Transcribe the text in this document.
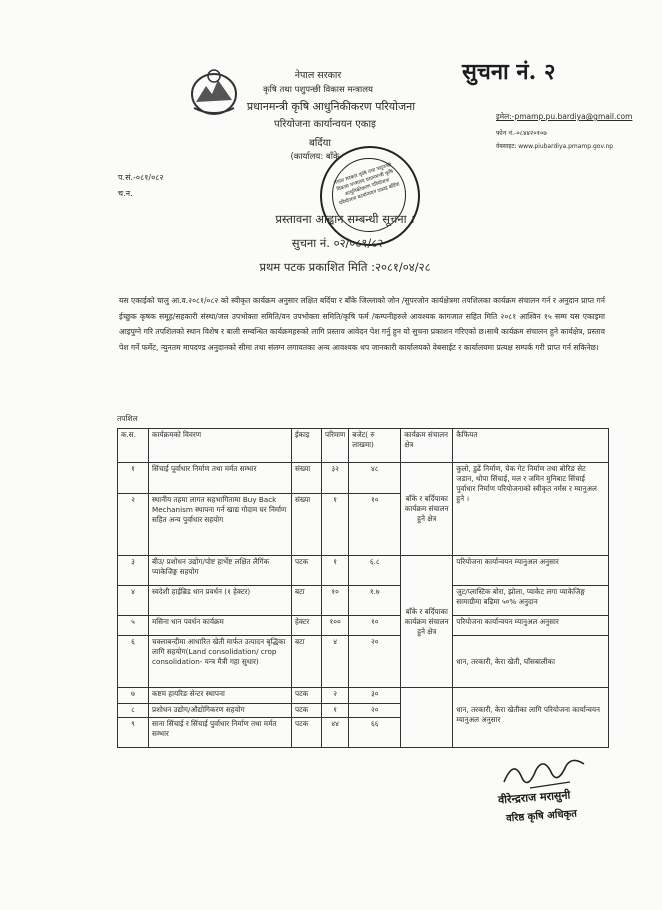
नेपाल सरकार
कृषि तथा पशुपन्छी विकास मन्त्रालय
प्रधानमन्त्री कृषि आधुनिकीकरण परियोजना
परियोजना कार्यान्वयन एकाइ
बर्दिया
(कार्यालय: बाँके
सुचना नं. २
इमेल:-pmamp.pu.bardiya@gmail.com
फोन नं.-०८४४२०१०७
वेबसाइट: www.piubardiya.pmamp.gov.np
प.सं.-०८१/०८२
च.न.
नेपाल सरकार कृषि तथा पशुपन्छी विकास मन्त्रालय प्रधानमन्त्री कृषि आधुनिकीकरण परियोजना परियोजना कार्यान्वयन एकाइ बर्दिया
प्रस्तावना आह्वान सम्बन्धी सूचना ।
सुचना नं. ०२/०८१/८२
प्रथम पटक प्रकाशित मिति :२०८१/०४/२८
यस एकाईको चालु आ.व.२०८१/०८२ को स्वीकृत कार्यक्रम अनुसार लक्षित बर्दिया र बाँके जिल्लाको जोन /सुपरजोन कार्यक्षेत्रमा तपशिलका कार्यक्रम संचालन गर्न र अनुदान प्राप्त गर्न ईच्छुक कृषक समूह/सहकारी संस्था/जल उपभोक्ता समिति/वन उपभोक्ता समिति/कृषि फर्म /कम्पनीहरुले आवश्यक कागजात सहित मिति २०८१ आश्विन १५ सम्म यस एकाइमा आइपुग्ने गरि तपशिलको स्थान विशेष र बाली सम्बन्धित कार्यक्रमहरुको लागि प्रस्ताव आवेदन पेश गर्नु हुन यो सुचना प्रकाशन गरिएको छ।साथै कार्यक्रम संचालन हुने कार्यक्षेत्र, प्रस्ताव पेश गर्ने फर्मेट, न्युनतम मापदण्ड अनुदानको सीमा तथा संलग्न लगायतका अन्य आवश्यक थप जानकारी कार्यालयको वेबसाईट र कार्यालयमा प्रत्यक्ष सम्पर्क गरी प्राप्त गर्न सकिनेछ।
तपशिल
क.स.	कार्यक्रमको विवरण	ईकाइ	परिमाण	बजेट( रु लाखमा)	कार्यक्रम संचालन क्षेत्र	कैफियत
१	सिंचाई पूर्वाधार निर्माण तथा मर्मत सम्भार	संख्या	३२	४८	बाँके र बर्दियाका कार्यक्रम संचालन हुने क्षेत्र	कुलो, डुढें निर्माण, चेक गेट निर्माण तथा बोरिङ सेट जडान, थोपा सिंचाई, मल र जमिन मुनिबाट सिंचाई पुर्वाधार निर्माण परियोजनाको स्वीकृत नर्मस र म्यानुअल हुने ।
२	स्थानीय तहमा लागत सहभागितामा Buy Back Mechanism स्थापना गर्न खाद्य गोदाम घर निर्माण सहित अन्य पुर्वाधार सहयोग	संख्या	१	१०		
३	बीउ/ प्रशोधन उद्योग/पोष्ट हार्भेष्ट लक्षित लैगिंक प्याकेजिङ्ग सहयोग	पटक	१	६.८	बाँके र बर्दियाका कार्यक्रम संचालन हुने क्षेत्र	परियोजना कार्यान्वयन म्यानुअल अनुसार
४	स्वदेशी हाईब्रिड धान प्रवर्धन (१ हेक्टर)	बटा	१०	१.७		जुट/प्लास्टिक बोरा, झोला, प्याकेट लगा प्याकेजिङ्ग सामाग्रीमा बढिमा ५०% अनुदान
५	मसिना धान पवर्धन कार्यक्रम	हेक्टर	१००	१०		परियोजना कार्यान्वयन म्यानुअल अनुसार
६	चक्लाबन्दीमा आधारित खेती मार्फत उत्पादन बृद्धिका लागि सहयोग(Land consolidation/ crop consolidation- यन्त्र मैत्री गहा सुधार)	बटा	४	२०		धान, तरकारी, केरा खेती, घाँसबालीका
७	कष्टम हायरिङ सेन्टर स्थापना	पटक	२	३०		
८	प्रशोधन उद्योग/औद्योगिकरण सहयोग	पटक	१	२०		धान, तरकारी, केरा खेतीका लागि परियोजना कार्यान्वयन म्यानुअल अनुसार
९	साना सिंचाई र सिंचाई पुर्वाधार निर्माण तथा मर्मत सम्भार	पटक	४४	६६		
वीरेन्द्रराज मरासुनी
वरिष्ठ कृषि अधिकृत
